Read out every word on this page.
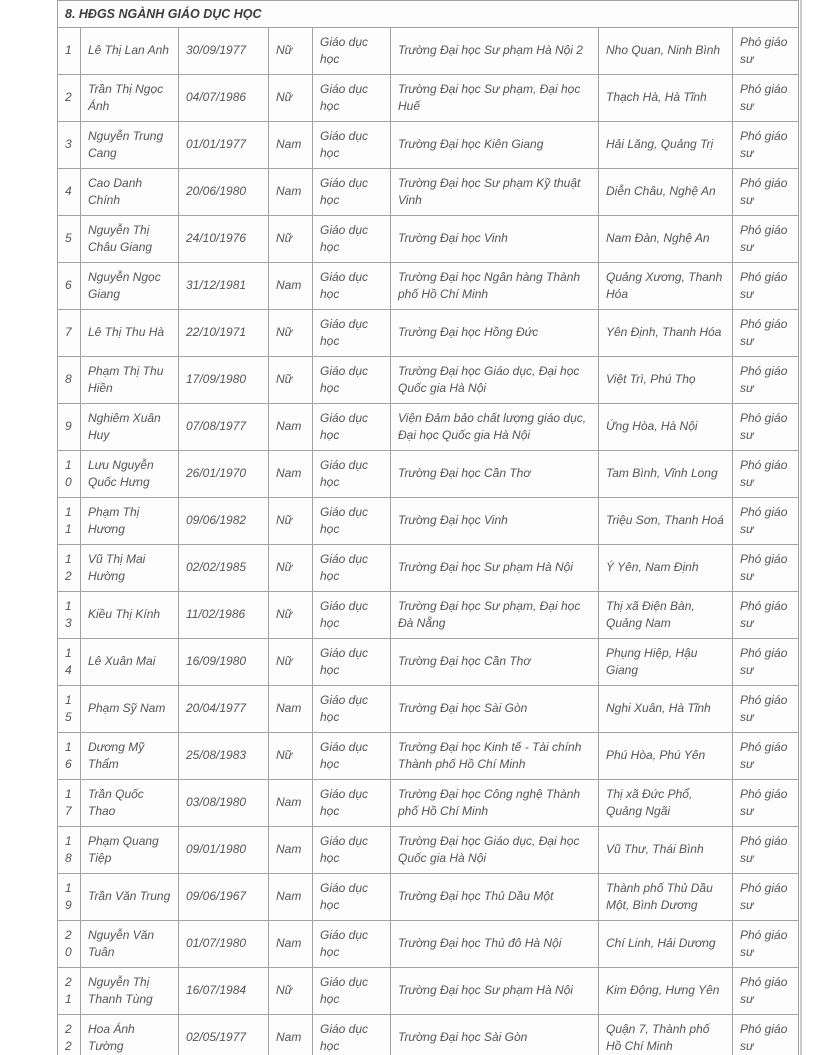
8. HĐGS NGÀNH GIÁO DỤC HỌC							
1	Lê Thị Lan Anh	30/09/1977	Nữ	Giáo dục học	Trường Đại học Sư phạm Hà Nội 2	Nho Quan, Ninh Bình	Phó giáo sư
2	Trần Thị Ngọc Ánh	04/07/1986	Nữ	Giáo dục học	Trường Đại học Sư phạm, Đại học Huế	Thạch Hà, Hà Tĩnh	Phó giáo sư
3	Nguyễn Trung Cang	01/01/1977	Nam	Giáo dục học	Trường Đại học Kiên Giang	Hải Lăng, Quảng Trị	Phó giáo sư
4	Cao Danh Chính	20/06/1980	Nam	Giáo dục học	Trường Đại học Sư phạm Kỹ thuật Vinh	Diễn Châu, Nghệ An	Phó giáo sư
5	Nguyễn Thị Châu Giang	24/10/1976	Nữ	Giáo dục học	Trường Đại học Vinh	Nam Đàn, Nghệ An	Phó giáo sư
6	Nguyễn Ngọc Giang	31/12/1981	Nam	Giáo dục học	Trường Đại học Ngân hàng Thành phố Hồ Chí Minh	Quảng Xương, Thanh Hóa	Phó giáo sư
7	Lê Thị Thu Hà	22/10/1971	Nữ	Giáo dục học	Trường Đại học Hồng Đức	Yên Định, Thanh Hóa	Phó giáo sư
8	Phạm Thị Thu Hiền	17/09/1980	Nữ	Giáo dục học	Trường Đại học Giáo dục, Đại học Quốc gia Hà Nội	Việt Trì, Phú Thọ	Phó giáo sư
9	Nghiêm Xuân Huy	07/08/1977	Nam	Giáo dục học	Viện Đảm bảo chất lượng giáo dục, Đại học Quốc gia Hà Nội	Ứng Hòa, Hà Nội	Phó giáo sư
10	Lưu Nguyễn Quốc Hưng	26/01/1970	Nam	Giáo dục học	Trường Đại học Cần Thơ	Tam Bình, Vĩnh Long	Phó giáo sư
11	Phạm Thị Hương	09/06/1982	Nữ	Giáo dục học	Trường Đại học Vinh	Triệu Sơn, Thanh Hoá	Phó giáo sư
12	Vũ Thị Mai Hường	02/02/1985	Nữ	Giáo dục học	Trường Đại học Sư phạm Hà Nội	Ý Yên, Nam Định	Phó giáo sư
13	Kiều Thị Kính	11/02/1986	Nữ	Giáo dục học	Trường Đại học Sư phạm, Đại học Đà Nẵng	Thị xã Điện Bàn, Quảng Nam	Phó giáo sư
14	Lê Xuân Mai	16/09/1980	Nữ	Giáo dục học	Trường Đại học Cần Thơ	Phụng Hiệp, Hậu Giang	Phó giáo sư
15	Phạm Sỹ Nam	20/04/1977	Nam	Giáo dục học	Trường Đại học Sài Gòn	Nghi Xuân, Hà Tĩnh	Phó giáo sư
16	Dương Mỹ Thẩm	25/08/1983	Nữ	Giáo dục học	Trường Đại học Kinh tế - Tài chính Thành phố Hồ Chí Minh	Phú Hòa, Phú Yên	Phó giáo sư
17	Trần Quốc Thao	03/08/1980	Nam	Giáo dục học	Trường Đại học Công nghệ Thành phố Hồ Chí Minh	Thị xã Đức Phổ, Quảng Ngãi	Phó giáo sư
18	Phạm Quang Tiệp	09/01/1980	Nam	Giáo dục học	Trường Đại học Giáo dục, Đại học Quốc gia Hà Nội	Vũ Thư, Thái Bình	Phó giáo sư
19	Trần Văn Trung	09/06/1967	Nam	Giáo dục học	Trường Đại học Thủ Dầu Một	Thành phố Thủ Dầu Một, Bình Dương	Phó giáo sư
20	Nguyễn Văn Tuân	01/07/1980	Nam	Giáo dục học	Trường Đại học Thủ đô Hà Nội	Chí Linh, Hải Dương	Phó giáo sư
21	Nguyễn Thị Thanh Tùng	16/07/1984	Nữ	Giáo dục học	Trường Đại học Sư phạm Hà Nội	Kim Động, Hưng Yên	Phó giáo sư
22	Hoa Ánh Tường	02/05/1977	Nam	Giáo dục học	Trường Đại học Sài Gòn	Quận 7, Thành phố Hồ Chí Minh	Phó giáo sư
